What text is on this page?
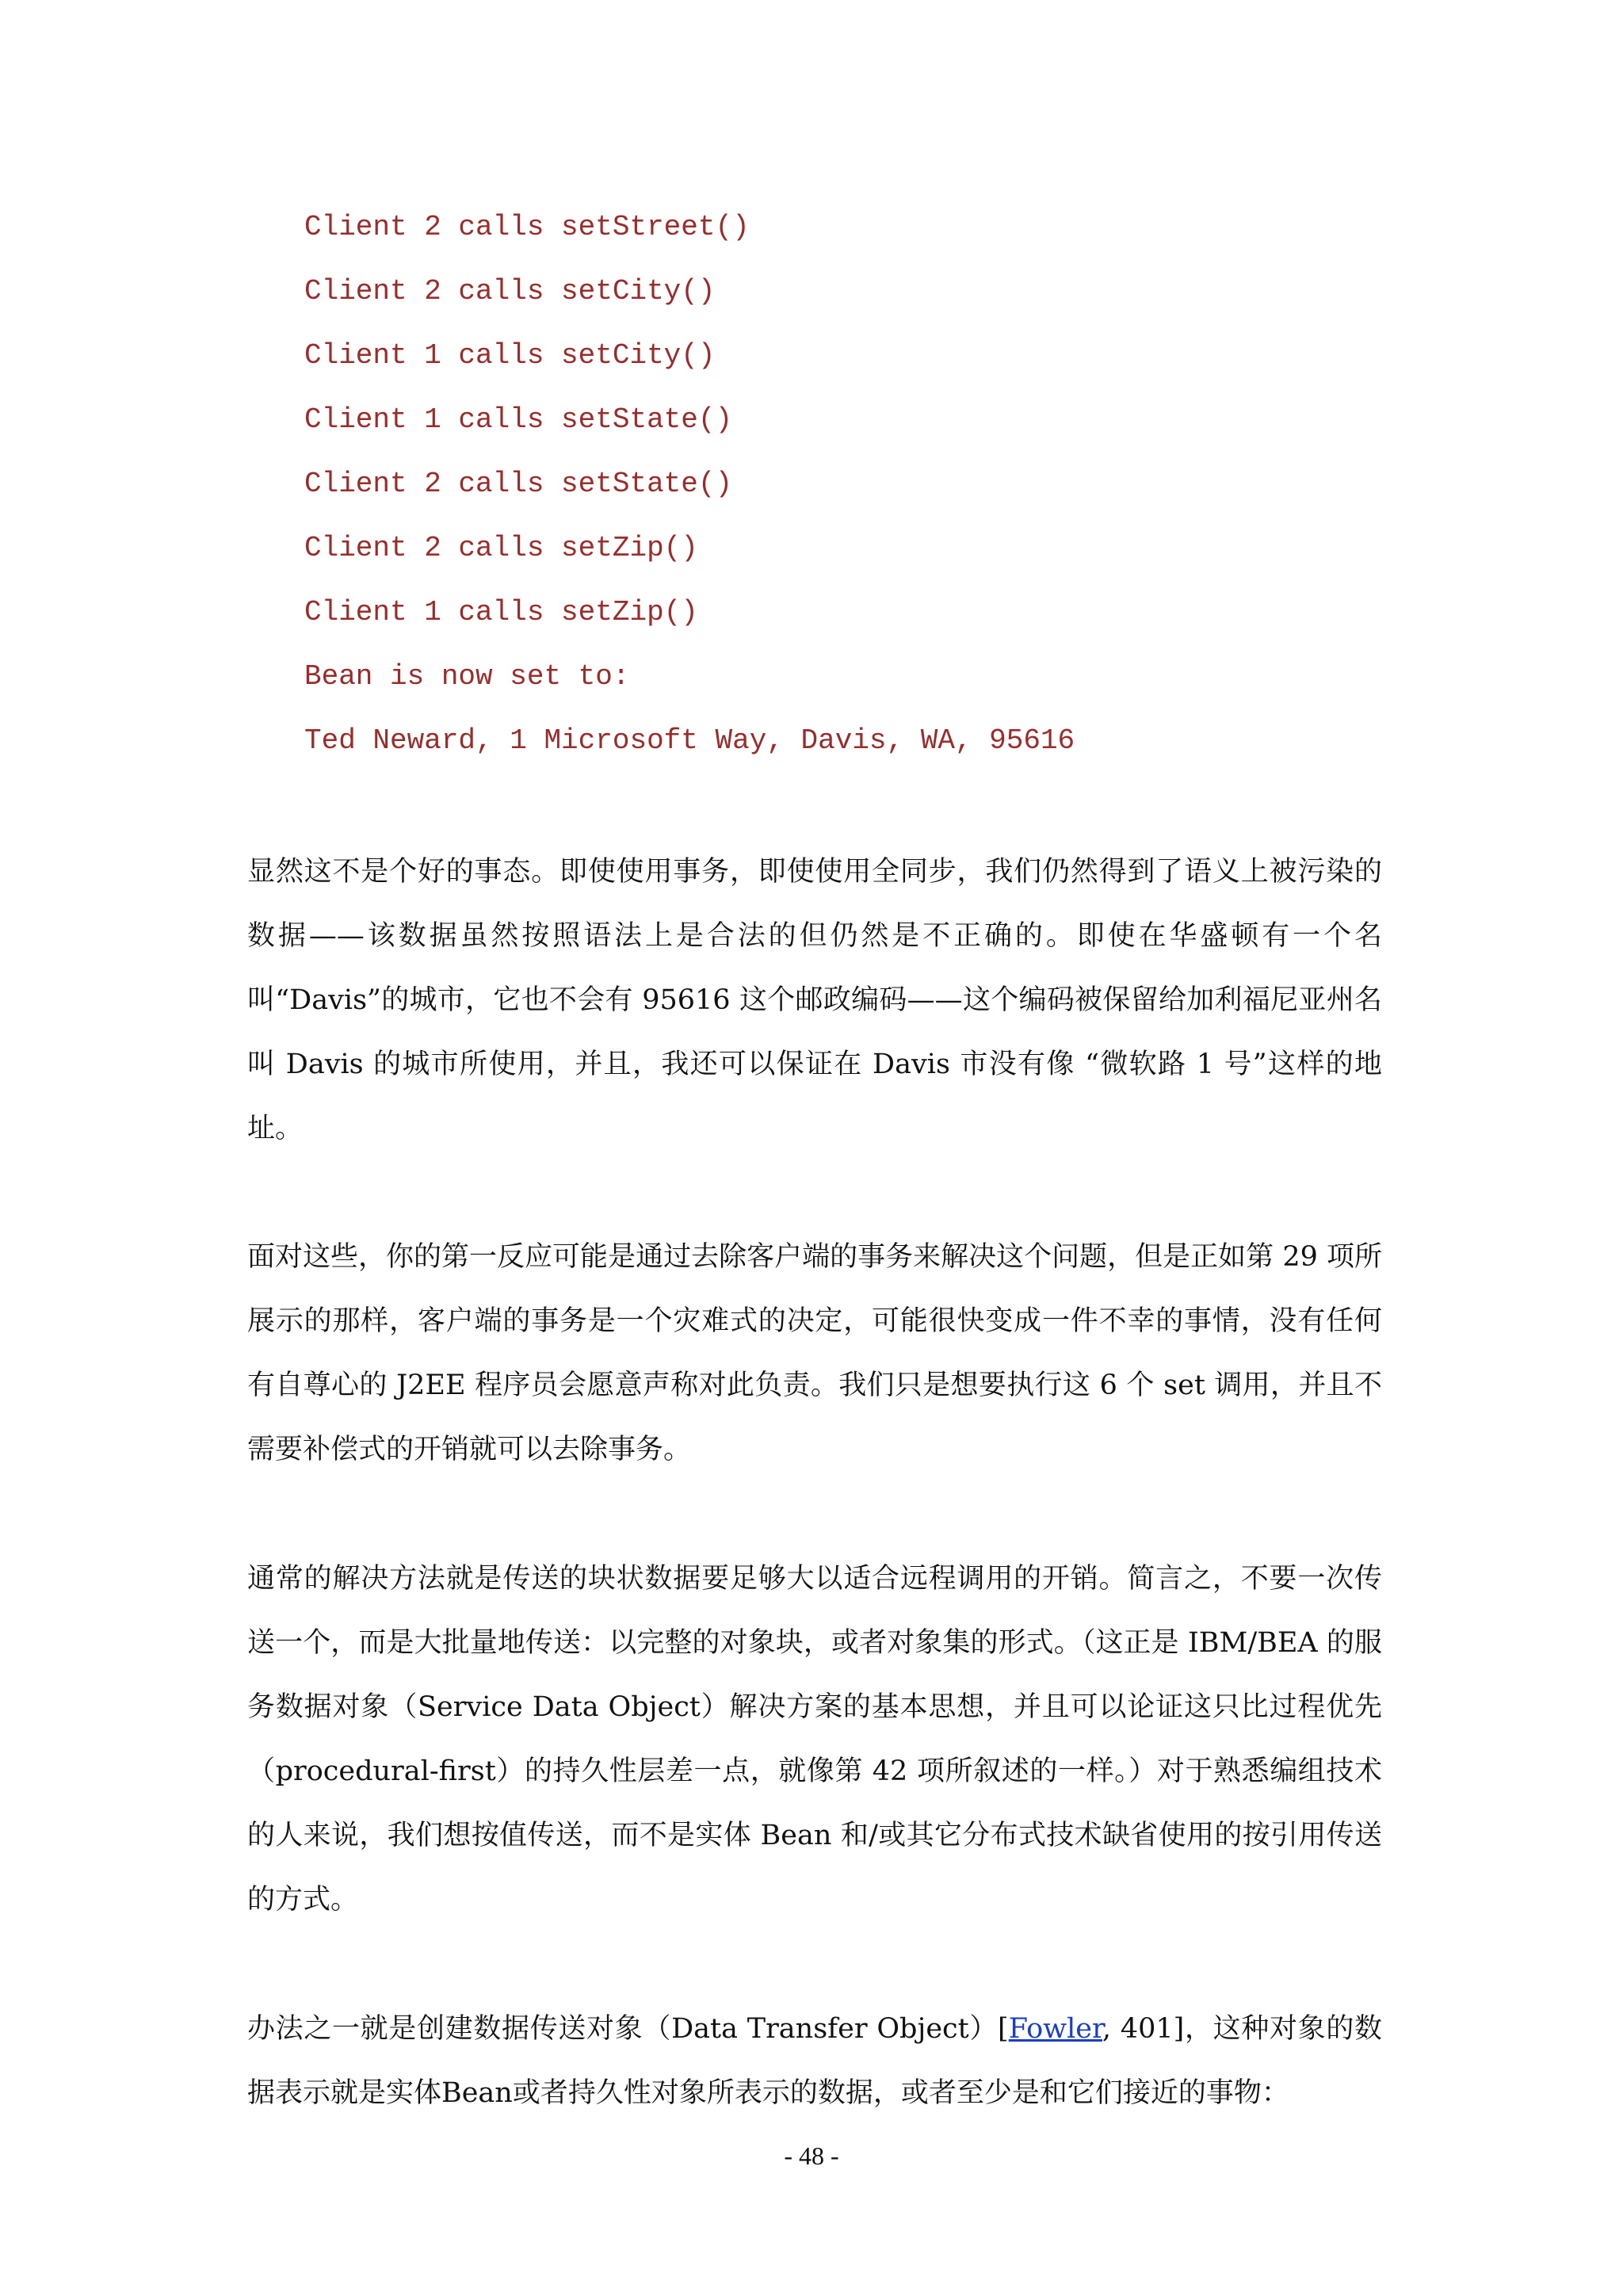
Client 2 calls setStreet()
Client 2 calls setCity()
Client 1 calls setCity()
Client 1 calls setState()
Client 2 calls setState()
Client 2 calls setZip()
Client 1 calls setZip()
Bean is now set to:
Ted Neward, 1 Microsoft Way, Davis, WA, 95616

显然这不是个好的事态。即使使用事务，即使使用全同步，我们仍然得到了语义上被污染的数据——该数据虽然按照语法上是合法的但仍然是不正确的。即使在华盛顿有一个名叫“Davis”的城市，它也不会有 95616 这个邮政编码——这个编码被保留给加利福尼亚州名叫 Davis 的城市所使用，并且，我还可以保证在 Davis 市没有像 “微软路 1 号”这样的地址。

面对这些，你的第一反应可能是通过去除客户端的事务来解决这个问题，但是正如第 29 项所展示的那样，客户端的事务是一个灾难式的决定，可能很快变成一件不幸的事情，没有任何有自尊心的 J2EE 程序员会愿意声称对此负责。我们只是想要执行这 6 个 set 调用，并且不需要补偿式的开销就可以去除事务。

通常的解决方法就是传送的块状数据要足够大以适合远程调用的开销。简言之，不要一次传送一个，而是大批量地传送：以完整的对象块，或者对象集的形式。（这正是 IBM/BEA 的服务数据对象（Service Data Object）解决方案的基本思想，并且可以论证这只比过程优先（procedural-first）的持久性层差一点，就像第 42 项所叙述的一样。）对于熟悉编组技术的人来说，我们想按值传送，而不是实体 Bean 和/或其它分布式技术缺省使用的按引用传送的方式。

办法之一就是创建数据传送对象（Data Transfer Object）[Fowler, 401]，这种对象的数据表示就是实体Bean或者持久性对象所表示的数据，或者至少是和它们接近的事物：

- 48 -
